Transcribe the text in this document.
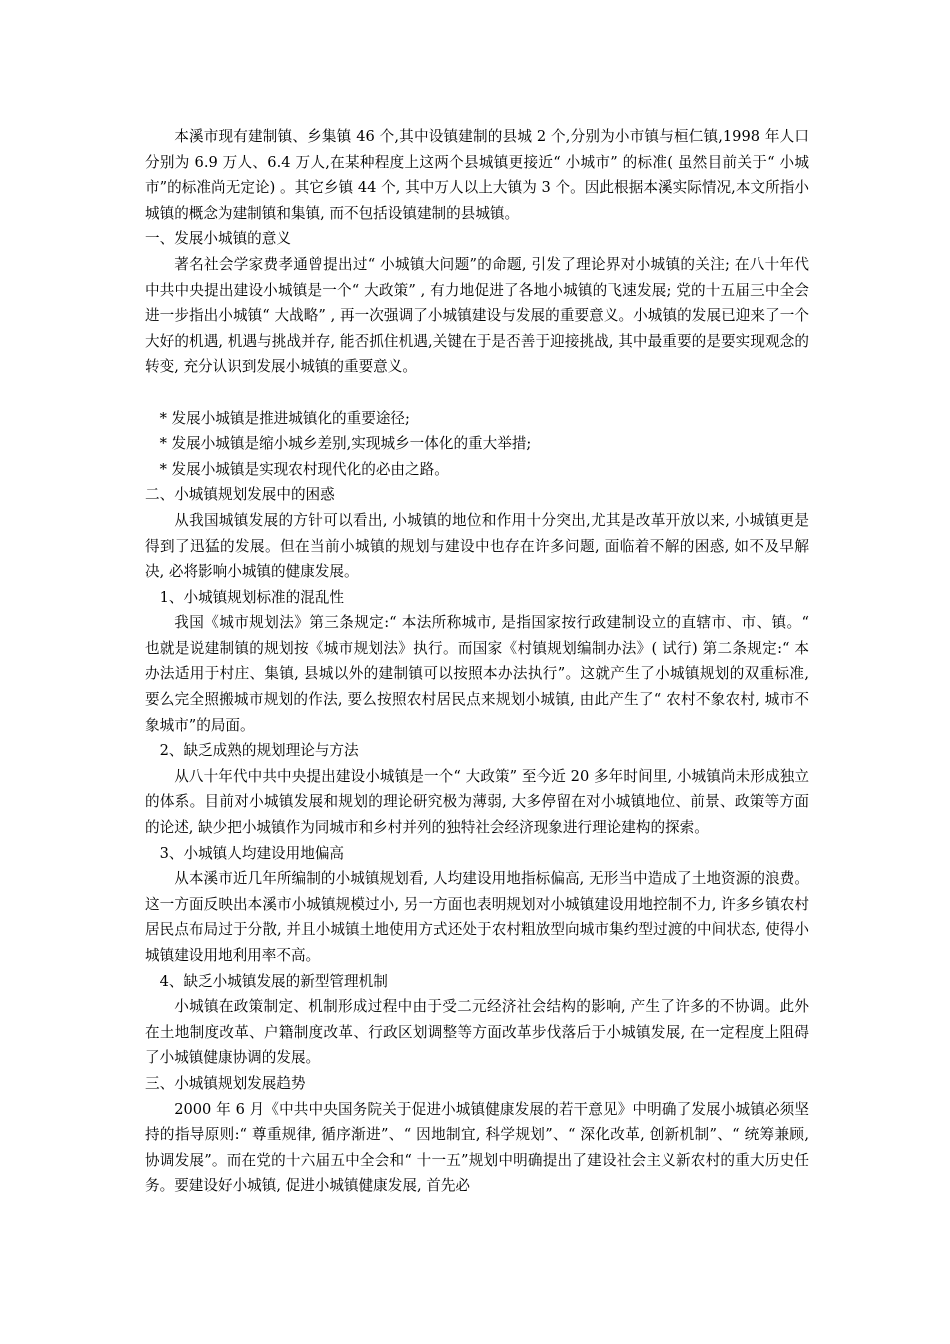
本溪市现有建制镇、乡集镇 46 个,其中设镇建制的县城 2 个,分别为小市镇与桓仁镇,1998 年人口分别为 6.9 万人、6.4 万人,在某种程度上这两个县城镇更接近“ 小城市” 的标准( 虽然目前关于“ 小城市”的标准尚无定论) 。其它乡镇 44 个, 其中万人以上大镇为 3 个。因此根据本溪实际情况,本文所指小城镇的概念为建制镇和集镇, 而不包括设镇建制的县城镇。

一、发展小城镇的意义

著名社会学家费孝通曾提出过“ 小城镇大问题”的命题, 引发了理论界对小城镇的关注; 在八十年代中共中央提出建设小城镇是一个“ 大政策” , 有力地促进了各地小城镇的飞速发展; 党的十五届三中全会进一步指出小城镇“ 大战略” , 再一次强调了小城镇建设与发展的重要意义。小城镇的发展已迎来了一个大好的机遇, 机遇与挑战并存, 能否抓住机遇,关键在于是否善于迎接挑战, 其中最重要的是要实现观念的转变, 充分认识到发展小城镇的重要意义。

* 发展小城镇是推进城镇化的重要途径;

* 发展小城镇是缩小城乡差别,实现城乡一体化的重大举措;

* 发展小城镇是实现农村现代化的必由之路。

二、小城镇规划发展中的困惑

从我国城镇发展的方针可以看出, 小城镇的地位和作用十分突出,尤其是改革开放以来, 小城镇更是得到了迅猛的发展。但在当前小城镇的规划与建设中也存在许多问题, 面临着不解的困惑, 如不及早解决, 必将影响小城镇的健康发展。

1、小城镇规划标准的混乱性

我国《城市规划法》第三条规定:“ 本法所称城市, 是指国家按行政建制设立的直辖市、市、镇。“ 也就是说建制镇的规划按《城市规划法》执行。而国家《村镇规划编制办法》( 试行) 第二条规定:“ 本办法适用于村庄、集镇, 县城以外的建制镇可以按照本办法执行”。这就产生了小城镇规划的双重标准, 要么完全照搬城市规划的作法, 要么按照农村居民点来规划小城镇, 由此产生了“ 农村不象农村, 城市不象城市”的局面。

2、缺乏成熟的规划理论与方法

从八十年代中共中央提出建设小城镇是一个“ 大政策” 至今近 20 多年时间里, 小城镇尚未形成独立的体系。目前对小城镇发展和规划的理论研究极为薄弱, 大多停留在对小城镇地位、前景、政策等方面的论述, 缺少把小城镇作为同城市和乡村并列的独特社会经济现象进行理论建构的探索。

3、小城镇人均建设用地偏高

从本溪市近几年所编制的小城镇规划看, 人均建设用地指标偏高, 无形当中造成了土地资源的浪费。这一方面反映出本溪市小城镇规模过小, 另一方面也表明规划对小城镇建设用地控制不力, 许多乡镇农村居民点布局过于分散, 并且小城镇土地使用方式还处于农村粗放型向城市集约型过渡的中间状态, 使得小城镇建设用地利用率不高。

4、缺乏小城镇发展的新型管理机制

小城镇在政策制定、机制形成过程中由于受二元经济社会结构的影响, 产生了许多的不协调。此外在土地制度改革、户籍制度改革、行政区划调整等方面改革步伐落后于小城镇发展, 在一定程度上阻碍了小城镇健康协调的发展。

三、小城镇规划发展趋势

2000 年 6 月《中共中央国务院关于促进小城镇健康发展的若干意见》中明确了发展小城镇必须坚持的指导原则:“ 尊重规律, 循序渐进”、“ 因地制宜, 科学规划”、“ 深化改革, 创新机制”、“ 统筹兼顾, 协调发展”。而在党的十六届五中全会和“ 十一五”规划中明确提出了建设社会主义新农村的重大历史任务。要建设好小城镇, 促进小城镇健康发展, 首先必
